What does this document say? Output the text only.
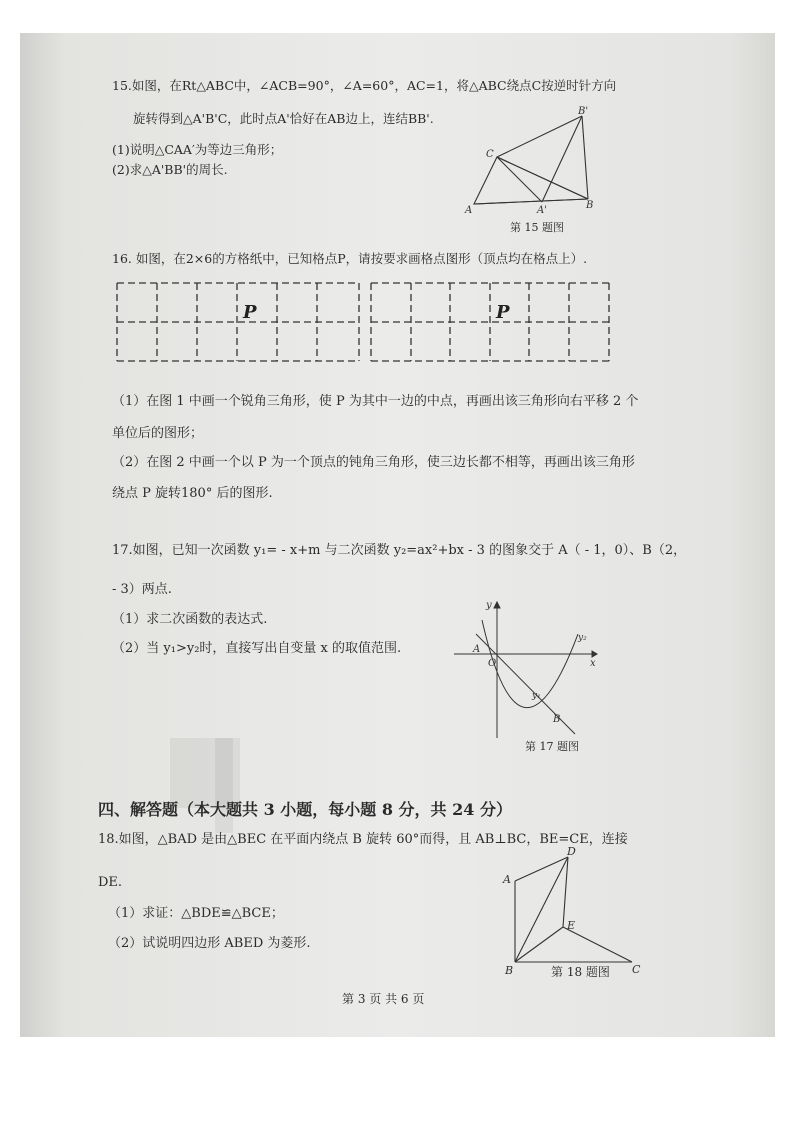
15.如图，在Rt△ABC中，∠ACB=90°，∠A=60°，AC=1，将△ABC绕点C按逆时针方向
旋转得到△A'B'C，此时点A'恰好在AB边上，连结BB'.
(1)说明△CAA′为等边三角形；
(2)求△A'BB'的周长.
B'
C
A	A'	B
第 15 题图
16. 如图，在2×6的方格纸中，已知格点P，请按要求画格点图形（顶点均在格点上）.
P	P
（1）在图 1 中画一个锐角三角形，使 P 为其中一边的中点，再画出该三角形向右平移 2 个
单位后的图形；
（2）在图 2 中画一个以 P 为一个顶点的钝角三角形，使三边长都不相等，再画出该三角形
绕点 P 旋转180° 后的图形.
17.如图，已知一次函数 y₁= - x+m 与二次函数 y₂=ax²+bx - 3 的图象交于 A（ - 1，0）、B（2，
- 3）两点.
（1）求二次函数的表达式.
（2）当 y₁>y₂时，直接写出自变量 x 的取值范围.
y
x
O
A
B
y₁
y₂
第 17 题图
四、解答题（本大题共 3 小题，每小题 8 分，共 24 分）
18.如图，△BAD 是由△BEC 在平面内绕点 B 旋转 60°而得，且 AB⊥BC，BE=CE，连接
DE.
（1）求证：△BDE≌△BCE；
（2）试说明四边形 ABED 为菱形.
A
D
E
B	C
第 18 题图
第 3 页 共 6 页
